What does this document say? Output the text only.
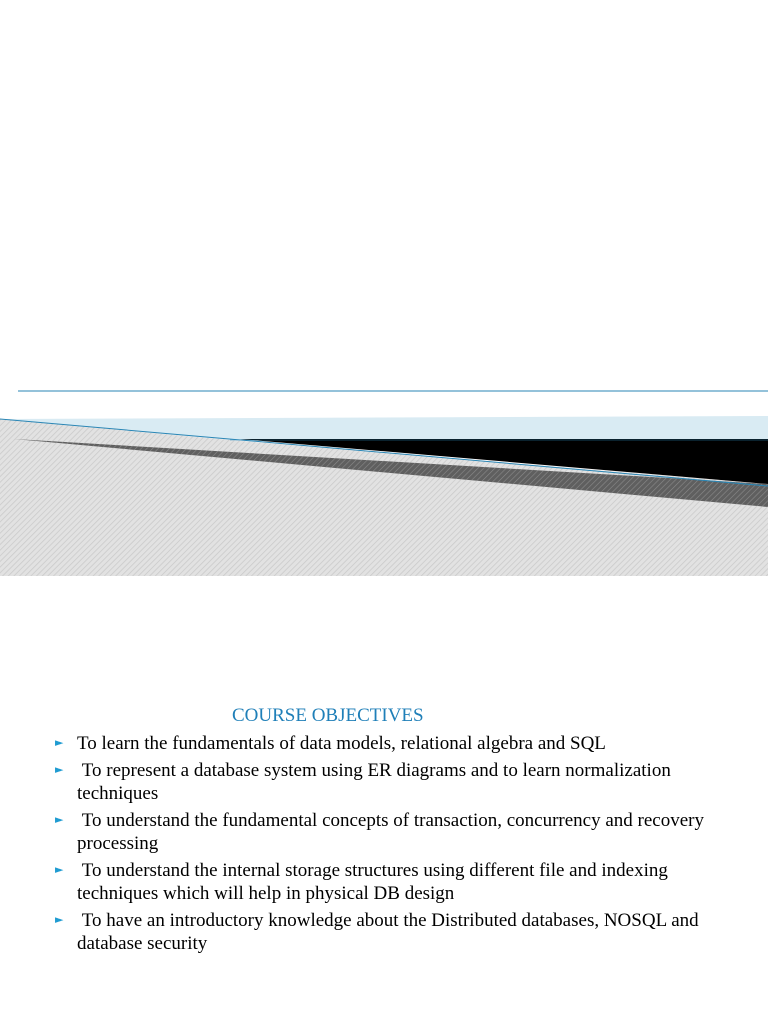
COURSE OBJECTIVES
► To learn the fundamentals of data models, relational algebra and SQL
► To represent a database system using ER diagrams and to learn normalization techniques
► To understand the fundamental concepts of transaction, concurrency and recovery processing
► To understand the internal storage structures using different file and indexing techniques which will help in physical DB design
► To have an introductory knowledge about the Distributed databases, NOSQL and database security
